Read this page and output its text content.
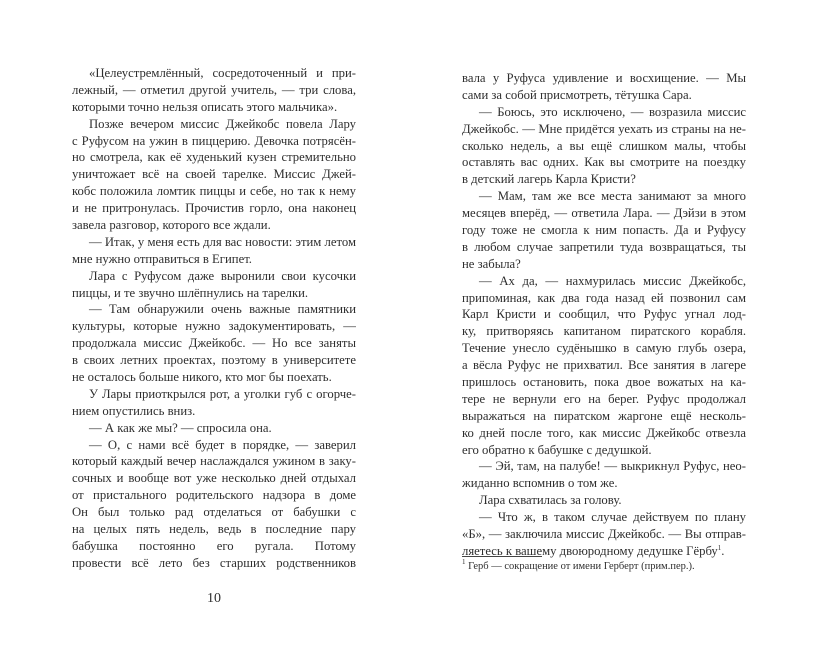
«Целеустремлённый, сосредоточенный и при-
лежный, — отметил другой учитель, — три слова,
которыми точно нельзя описать этого мальчика».
Позже вечером миссис Джейкобс повела Лару
с Руфусом на ужин в пиццерию. Девочка потрясён-
но смотрела, как её худенький кузен стремительно
уничтожает всё на своей тарелке. Миссис Джей-
кобс положила ломтик пиццы и себе, но так к нему
и не притронулась. Прочистив горло, она наконец
завела разговор, которого все ждали.
— Итак, у меня есть для вас новости: этим летом
мне нужно отправиться в Египет.
Лара с Руфусом даже выронили свои кусочки
пиццы, и те звучно шлёпнулись на тарелки.
— Там обнаружили очень важные памятники
культуры, которые нужно задокументировать, —
продолжала миссис Джейкобс. — Но все заняты
в своих летних проектах, поэтому в университете
не осталось больше никого, кто мог бы поехать.
У Лары приоткрылся рот, а уголки губ с огорче-
нием опустились вниз.
— А как же мы? — спросила она.
— О, с нами всё будет в порядке, — заверил
который каждый вечер наслаждался ужином в заку-
сочных и вообще вот уже несколько дней отдыхал
от пристального родительского надзора в доме
Он был только рад отделаться от бабушки с
на целых пять недель, ведь в последние пару
бабушка постоянно его ругала. Потому
провести всё лето без старших родственников
вала у Руфуса удивление и восхищение. — Мы
сами за собой присмотреть, тётушка Сара.
— Боюсь, это исключено, — возразила миссис
Джейкобс. — Мне придётся уехать из страны на не-
сколько недель, а вы ещё слишком малы, чтобы
оставлять вас одних. Как вы смотрите на поездку
в детский лагерь Карла Кристи?
— Мам, там же все места занимают за много
месяцев вперёд, — ответила Лара. — Дэйзи в этом
году тоже не смогла к ним попасть. Да и Руфусу
в любом случае запретили туда возвращаться, ты
не забыла?
— Ах да, — нахмурилась миссис Джейкобс,
припоминая, как два года назад ей позвонил сам
Карл Кристи и сообщил, что Руфус угнал лод-
ку, притворяясь капитаном пиратского корабля.
Течение унесло судёнышко в самую глубь озера,
а вёсла Руфус не прихватил. Все занятия в лагере
пришлось остановить, пока двое вожатых на ка-
тере не вернули его на берег. Руфус продолжал
выражаться на пиратском жаргоне ещё несколь-
ко дней после того, как миссис Джейкобс отвезла
его обратно к бабушке с дедушкой.
— Эй, там, на палубе! — выкрикнул Руфус, нео-
жиданно вспомнив о том же.
Лара схватилась за голову.
— Что ж, в таком случае действуем по плану
«Б», — заключила миссис Джейкобс. — Вы отправ-
ляетесь к вашему двоюродному дедушке Гёрбу$^1$.
$^1$ Герб — сокращение от имени Герберт (прим.пер.).
10
